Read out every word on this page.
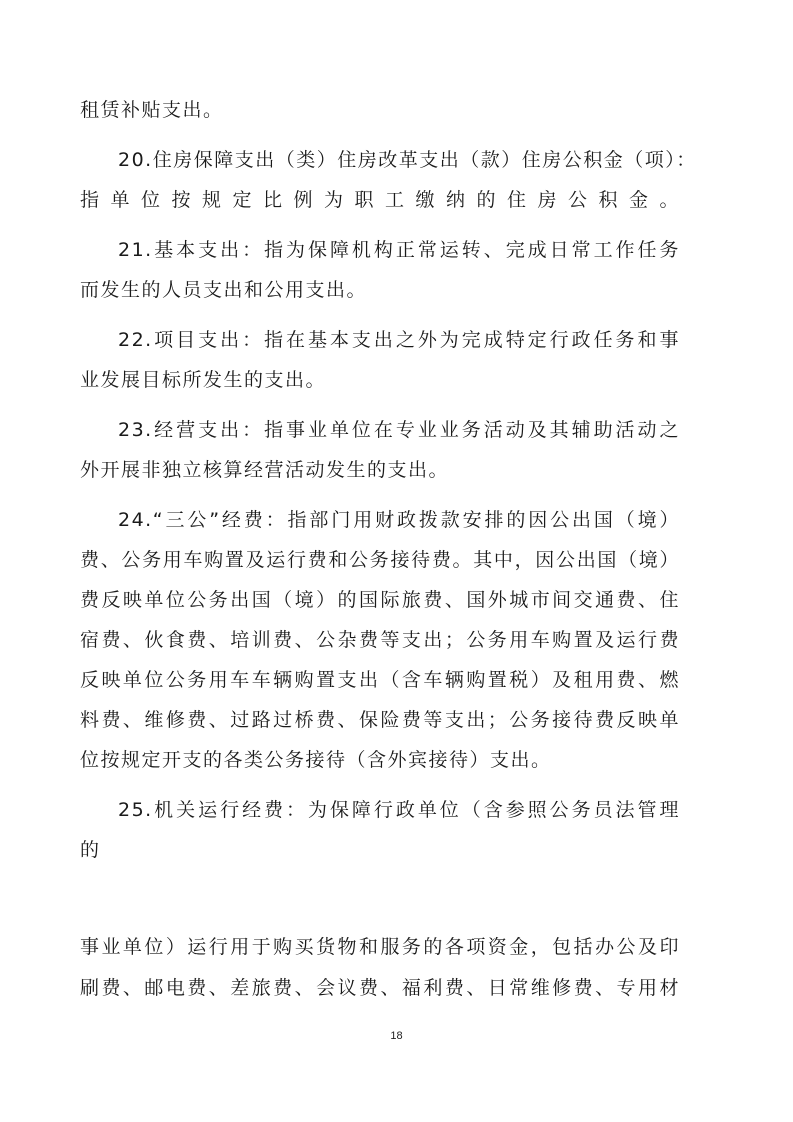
租赁补贴支出。
20.住房保障支出（类）住房改革支出（款）住房公积金（项）：
指单位按规定比例为职工缴纳的住房公积金。
21.基本支出：指为保障机构正常运转、完成日常工作任务
而发生的人员支出和公用支出。
22.项目支出：指在基本支出之外为完成特定行政任务和事
业发展目标所发生的支出。
23.经营支出：指事业单位在专业业务活动及其辅助活动之
外开展非独立核算经营活动发生的支出。
24.“三公”经费：指部门用财政拨款安排的因公出国（境）
费、公务用车购置及运行费和公务接待费。其中，因公出国（境）
费反映单位公务出国（境）的国际旅费、国外城市间交通费、住
宿费、伙食费、培训费、公杂费等支出；公务用车购置及运行费
反映单位公务用车车辆购置支出（含车辆购置税）及租用费、燃
料费、维修费、过路过桥费、保险费等支出；公务接待费反映单
位按规定开支的各类公务接待（含外宾接待）支出。
25.机关运行经费：为保障行政单位（含参照公务员法管理
的
事业单位）运行用于购买货物和服务的各项资金，包括办公及印
刷费、邮电费、差旅费、会议费、福利费、日常维修费、专用材
18
